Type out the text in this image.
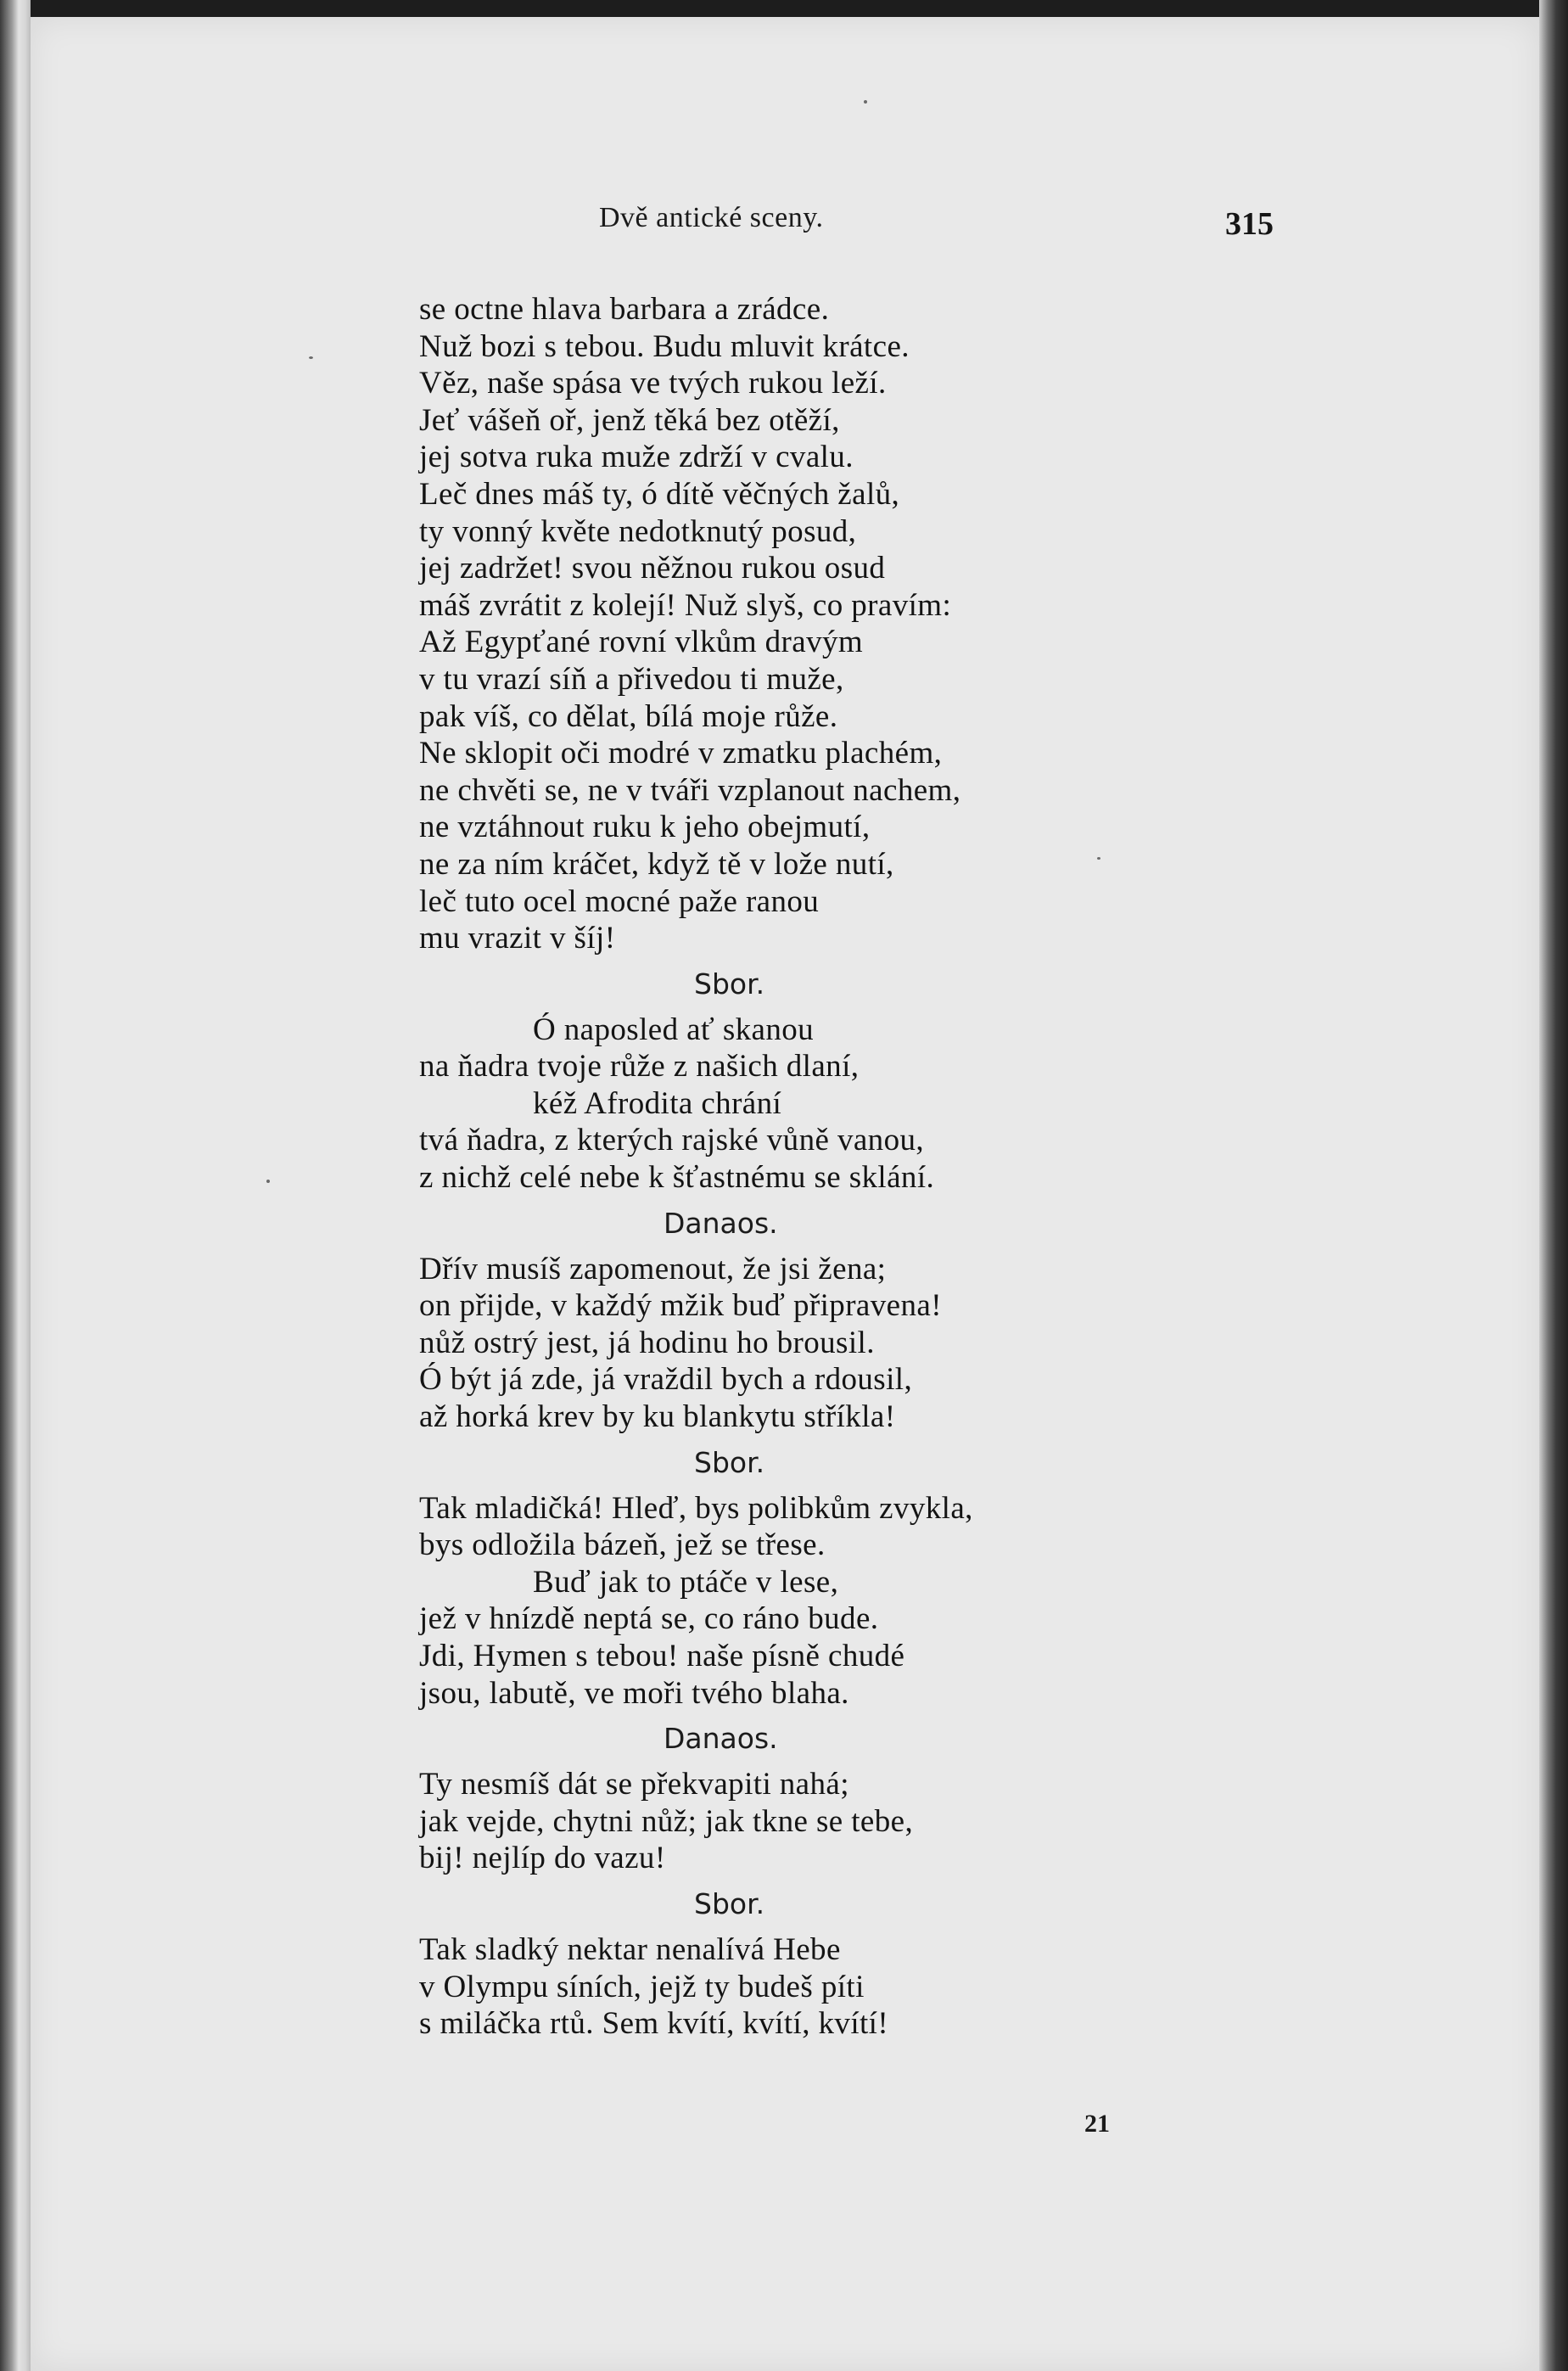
Dvě antické sceny.	315
se octne hlava barbara a zrádce.
Nuž bozi s tebou. Budu mluvit krátce.
Věz, naše spása ve tvých rukou leží.
Jeť vášeň oř, jenž těká bez otěží,
jej sotva ruka muže zdrží v cvalu.
Leč dnes máš ty, ó dítě věčných žalů,
ty vonný květe nedotknutý posud,
jej zadržet! svou něžnou rukou osud
máš zvrátit z kolejí! Nuž slyš, co pravím:
Až Egypťané rovní vlkům dravým
v tu vrazí síň a přivedou ti muže,
pak víš, co dělat, bílá moje růže.
Ne sklopit oči modré v zmatku plachém,
ne chvěti se, ne v tváři vzplanout nachem,
ne vztáhnout ruku k jeho obejmutí,
ne za ním kráčet, když tě v lože nutí,
leč tuto ocel mocné paže ranou
mu vrazit v šíj!
Sbor.
Ó naposled ať skanou
na ňadra tvoje růže z našich dlaní,
kéž Afrodita chrání
tvá ňadra, z kterých rajské vůně vanou,
z nichž celé nebe k šťastnému se sklání.
Danaos.
Dřív musíš zapomenout, že jsi žena;
on přijde, v každý mžik buď připravena!
nůž ostrý jest, já hodinu ho brousil.
Ó být já zde, já vraždil bych a rdousil,
až horká krev by ku blankytu stříkla!
Sbor.
Tak mladičká! Hleď, bys polibkům zvykla,
bys odložila bázeň, jež se třese.
Buď jak to ptáče v lese,
jež v hnízdě neptá se, co ráno bude.
Jdi, Hymen s tebou! naše písně chudé
jsou, labutě, ve moři tvého blaha.
Danaos.
Ty nesmíš dát se překvapiti nahá;
jak vejde, chytni nůž; jak tkne se tebe,
bij! nejlíp do vazu!
Sbor.
Tak sladký nektar nenalívá Hebe
v Olympu síních, jejž ty budeš píti
s miláčka rtů. Sem kvítí, kvítí, kvítí!
21
